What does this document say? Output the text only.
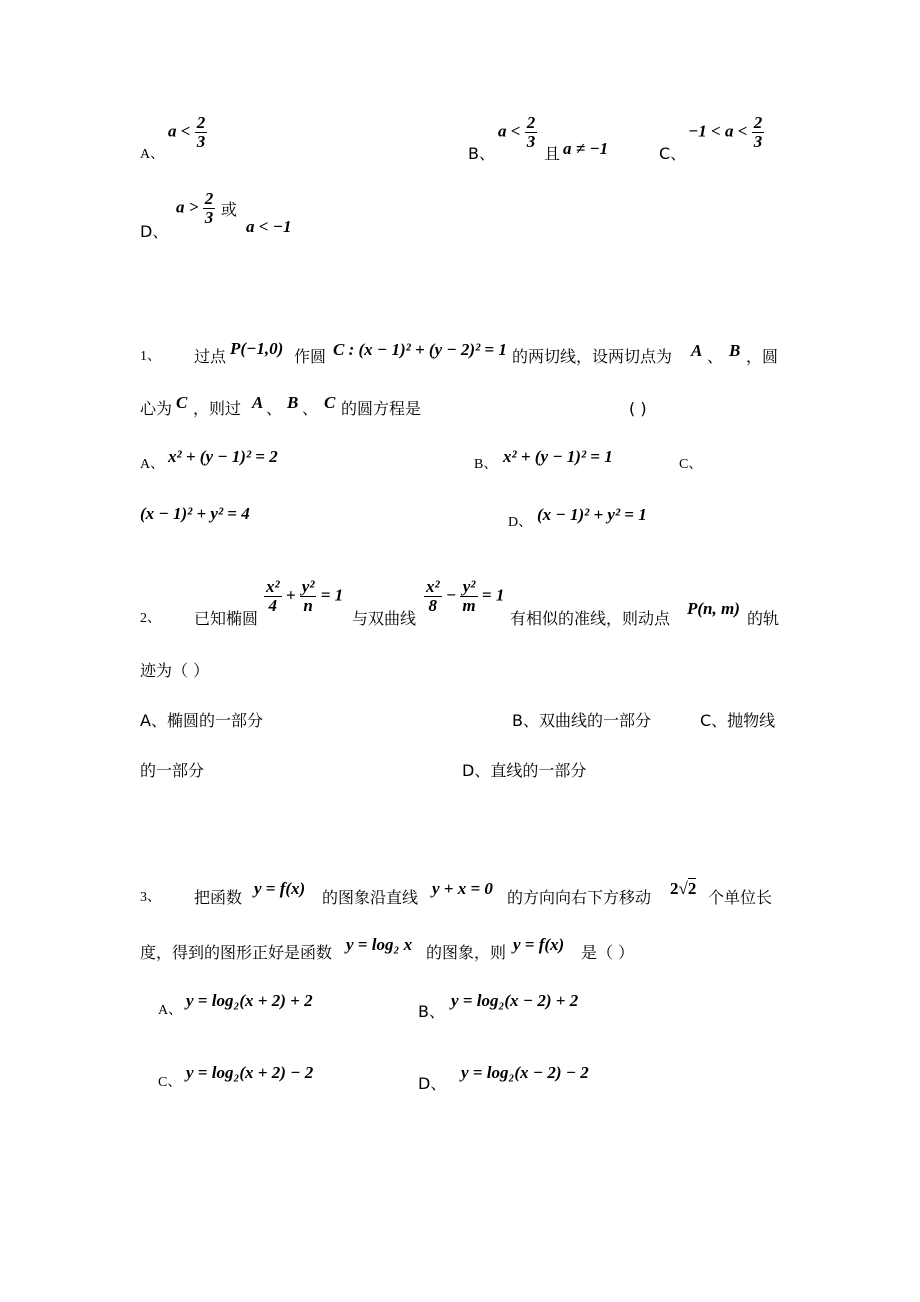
A、
$a < \frac{2}{3}$
B、
$a < \frac{2}{3}$
且 a ≠ −1	C、
$-1 < a < \frac{2}{3}$
D、
$a > \frac{2}{3}$ 或
a < −1
1、 过点 P(−1,0) 作圆 C : (x − 1)² + (y − 2)² = 1 的两切线，设两切点为 A 、 B ，圆
心为 C ，则过 A 、 B 、 C 的圆方程是	( )
A、 x² + (y − 1)² = 2	B、 x² + (y − 1)² = 1	C、
(x − 1)² + y² = 4	D、 (x − 1)² + y² = 1
2、 已知椭圆
$\frac{\text{x²}}{4} + \frac{\text{y²}}{n} = 1$
与双曲线
$\frac{\text{x²}}{8} - \frac{\text{y²}}{m} = 1$
有相似的准线，则动点
P(n, m)
的轨
迹为（ ）
A、椭圆的一部分	B、双曲线的一部分	C、抛物线
的一部分	D、直线的一部分
3、 把函数 y = f(x) 的图象沿直线 y + x = 0 的方向向右下方移动 2√2 个单位长
度，得到的图形正好是函数 y = log₂ x 的图象，则 y = f(x) 是（ ）
A、
y = log₂(x + 2) + 2
B、
y = log₂(x − 2) + 2
C、
y = log₂(x + 2) − 2
D、
y = log₂(x − 2) − 2
